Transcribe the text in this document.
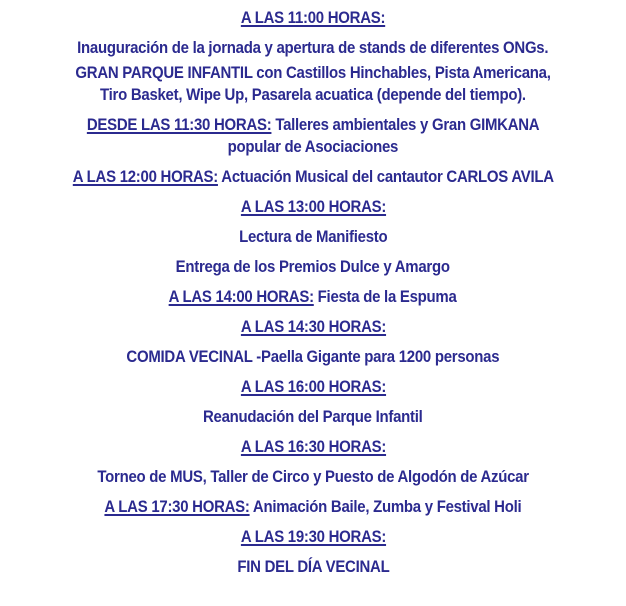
A LAS 11:00 HORAS:
Inauguración de la jornada y apertura de stands de diferentes ONGs.
GRAN PARQUE INFANTIL con Castillos Hinchables, Pista Americana,
Tiro Basket, Wipe Up, Pasarela acuatica (depende del tiempo).
DESDE LAS 11:30 HORAS: Talleres ambientales y Gran GIMKANA
popular de Asociaciones
A LAS 12:00 HORAS: Actuación Musical del cantautor CARLOS AVILA
A LAS 13:00 HORAS:
Lectura de Manifiesto
Entrega de los Premios Dulce y Amargo
A LAS 14:00 HORAS: Fiesta de la Espuma
A LAS 14:30 HORAS:
COMIDA VECINAL -Paella Gigante para 1200 personas
A LAS 16:00 HORAS:
Reanudación del Parque Infantil
A LAS 16:30 HORAS:
Torneo de MUS, Taller de Circo y Puesto de Algodón de Azúcar
A LAS 17:30 HORAS: Animación Baile, Zumba y Festival Holi
A LAS 19:30 HORAS:
FIN DEL DÍA VECINAL
